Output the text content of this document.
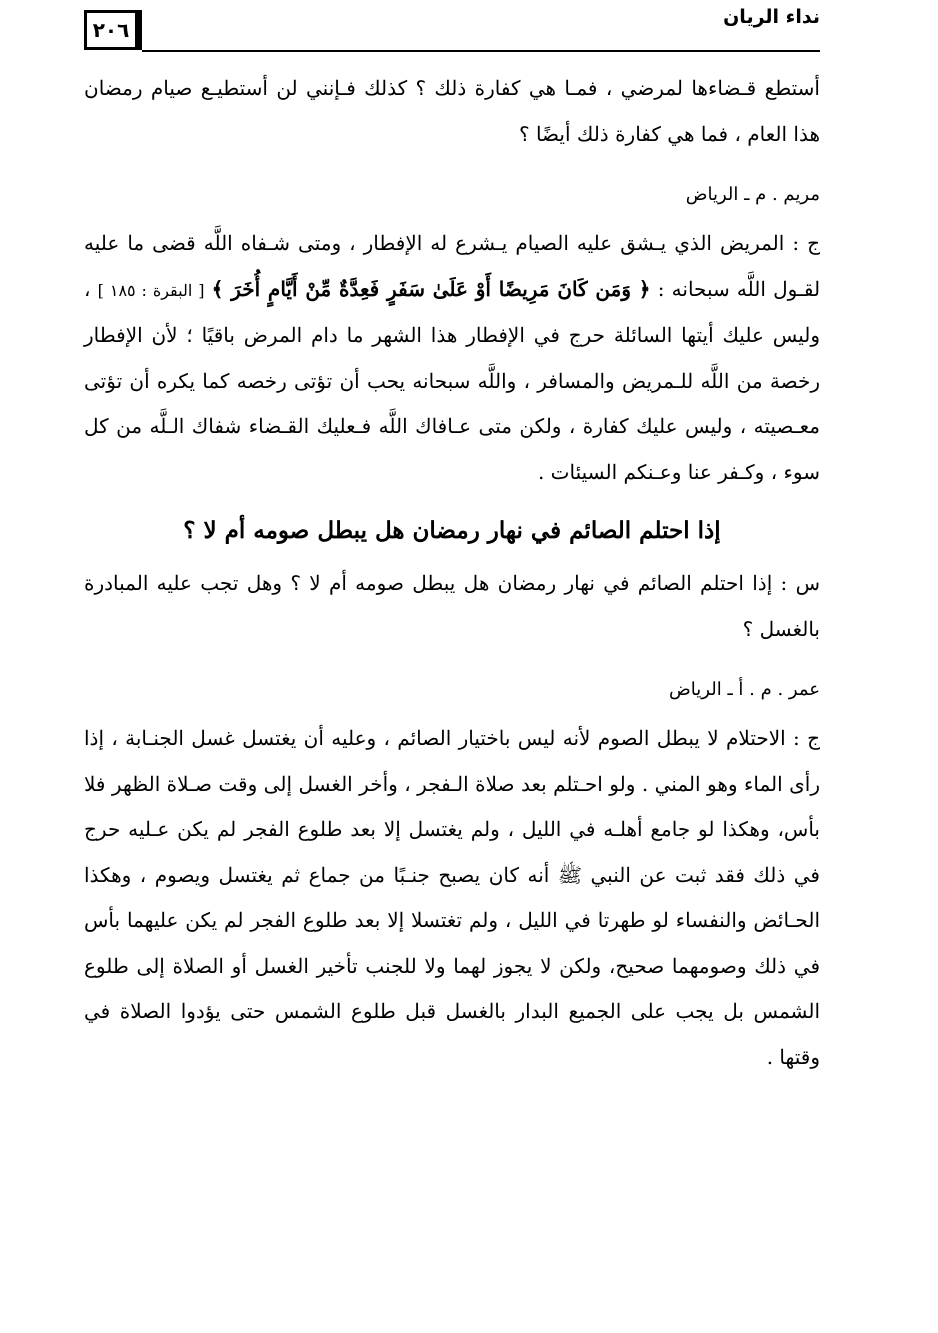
٢٠٦
نداء الريان

أستطع قـضاءها لمرضي ، فمـا هي كفارة ذلك ؟ كذلك فـإنني لن أستطيـع صيام رمضان هذا العام ، فما هي كفارة ذلك أيضًا ؟

مريم . م ـ الرياض

ج : المريض الذي يـشق عليه الصيام يـشرع له الإفطار ، ومتى شـفاه اللَّه قضى ما عليه لقـول اللَّه سبحانه : ﴿ وَمَن كَانَ مَرِيضًا أَوْ عَلَىٰ سَفَرٍ فَعِدَّةٌ مِّنْ أَيَّامٍ أُخَرَ ﴾ [ البقرة : ١٨٥ ] ، وليس عليك أيتها السائلة حرج في الإفطار هذا الشهر ما دام المرض باقيًا ؛ لأن الإفطار رخصة من اللَّه للـمريض والمسافر ، واللَّه سبحانه يحب أن تؤتى رخصه كما يكره أن تؤتى معـصيته ، وليس عليك كفارة ، ولكن متى عـافاك اللَّه فـعليك القـضاء شفاك الـلَّه من كل سوء ، وكـفر عنا وعـنكم السيئات .

إذا احتلم الصائم في نهار رمضان هل يبطل صومه أم لا ؟

س : إذا احتلم الصائم في نهار رمضان هل يبطل صومه أم لا ؟ وهل تجب عليه المبادرة بالغسل ؟

عمر . م . أ ـ الرياض

ج : الاحتلام لا يبطل الصوم لأنه ليس باختيار الصائم ، وعليه أن يغتسل غسل الجنـابة ، إذا رأى الماء وهو المني . ولو احـتلم بعد صلاة الـفجر ، وأخر الغسل إلى وقت صـلاة الظهر فلا بأس، وهكذا لو جامع أهلـه في الليل ، ولم يغتسل إلا بعد طلوع الفجر لم يكن عـليه حرج في ذلك فقد ثبت عن النبي ﷺ أنه كان يصبح جنـبًا من جماع ثم يغتسل ويصوم ، وهكذا الحـائض والنفساء لو طهرتا في الليل ، ولم تغتسلا إلا بعد طلوع الفجر لم يكن عليهما بأس في ذلك وصومهما صحيح، ولكن لا يجوز لهما ولا للجنب تأخير الغسل أو الصلاة إلى طلوع الشمس بل يجب على الجميع البدار بالغسل قبل طلوع الشمس حتى يؤدوا الصلاة في وقتها .
